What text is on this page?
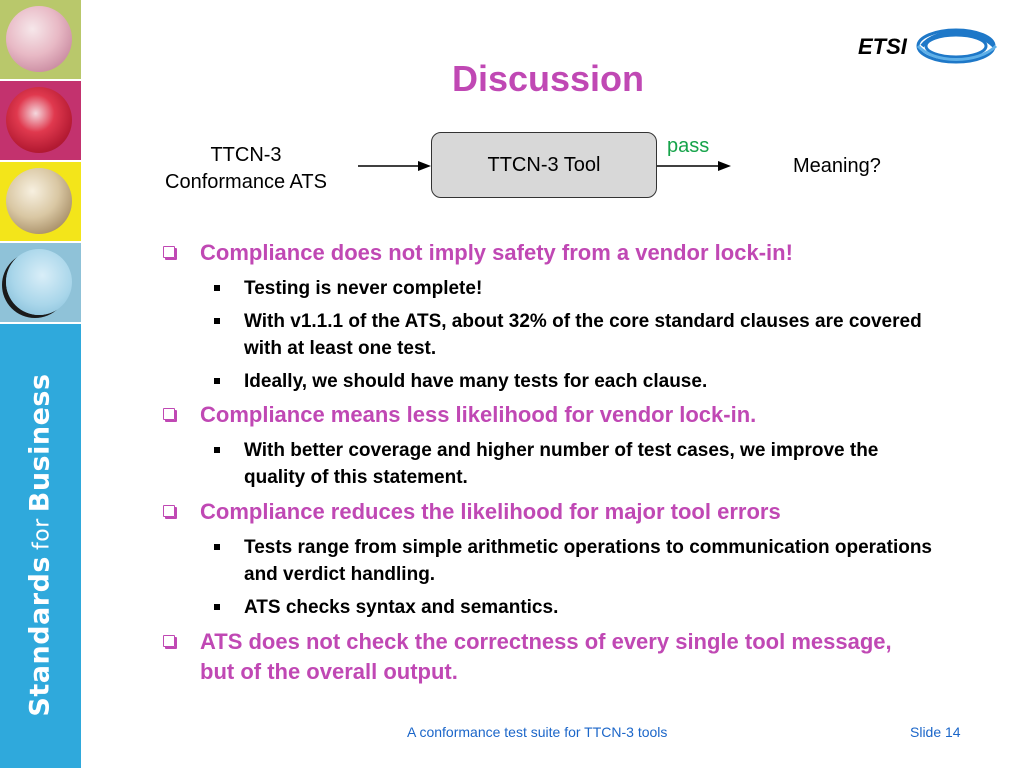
StandardsforBusiness
ETSI
Discussion
TTCN-3
Conformance ATS
TTCN-3 Tool
pass
Meaning?
Compliance does not imply safety from a vendor lock-in!
Testing is never complete!
With v1.1.1 of the ATS, about 32% of the core standard clauses are covered with at least one test.
Ideally, we should have many tests for each clause.
Compliance means less likelihood for vendor lock-in.
With better coverage and higher number of test cases, we improve the quality of this statement.
Compliance reduces the likelihood for major tool errors
Tests range from simple arithmetic operations to communication operations and verdict handling.
ATS checks syntax and semantics.
ATS does not check the correctness of every single tool message, but of the overall output.
A conformance test suite for TTCN-3 tools	Slide 14
